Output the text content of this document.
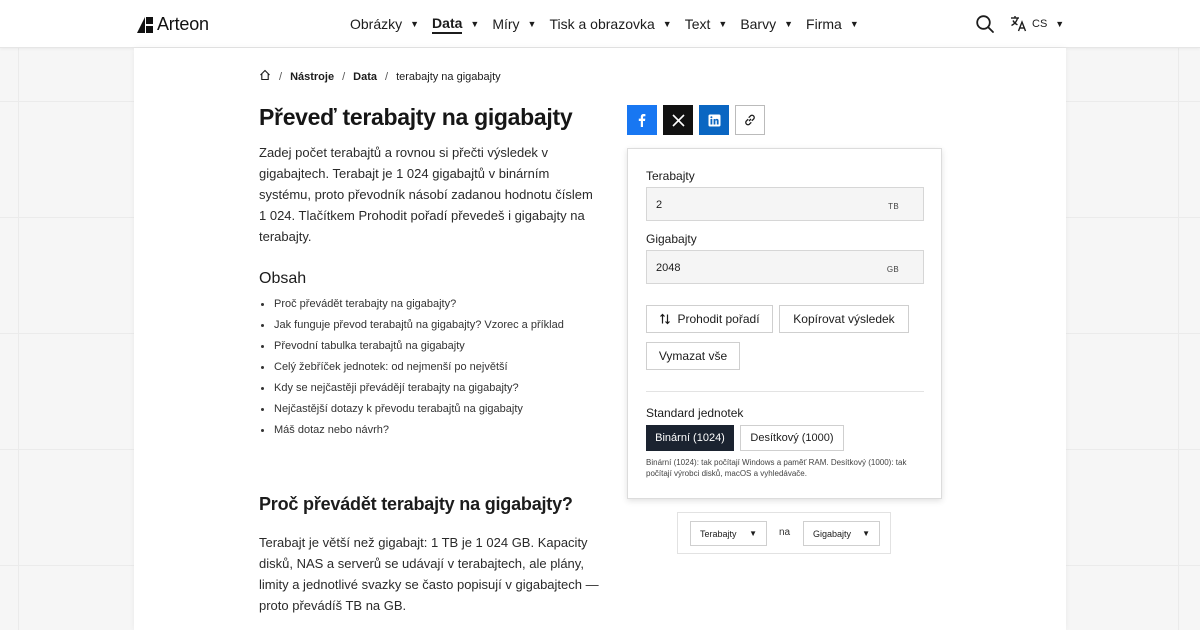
Arteon	Obrázky ▼ Data ▼ Míry ▼ Tisk a obrazovka ▼ Text ▼ Barvy ▼ Firma ▼	CS ▼
/ Nástroje / Data / terabajty na gigabajty
Převeď terabajty na gigabajty

Zadej počet terabajtů a rovnou si přečti výsledek v gigabajtech. Terabajt je 1 024 gigabajtů v binárním systému, proto převodník násobí zadanou hodnotu číslem 1 024. Tlačítkem Prohodit pořadí převedeš i gigabajty na terabajty.

Obsah
Proč převádět terabajty na gigabajty?
Jak funguje převod terabajtů na gigabajty? Vzorec a příklad
Převodní tabulka terabajtů na gigabajty
Celý žebříček jednotek: od nejmenší po největší
Kdy se nejčastěji převádějí terabajty na gigabajty?
Nejčastější dotazy k převodu terabajtů na gigabajty
Máš dotaz nebo návrh?
Proč převádět terabajty na gigabajty?

Terabajt je větší než gigabajt: 1 TB je 1 024 GB. Kapacity disků, NAS a serverů se udávají v terabajtech, ale plány, limity a jednotlivé svazky se často popisují v gigabajtech — proto převádíš TB na GB.

Terabajty
2
TB
Gigabajty
2048
GB
Prohodit pořadí	Kopírovat výsledek
Vymazat vše
Standard jednotek
Binární (1024)	Desítkový (1000)
Binární (1024): tak počítají Windows a paměť RAM. Desítkový (1000): tak počítají výrobci disků, macOS a vyhledávače.
Terabajty ▼ na	Gigabajty ▼
